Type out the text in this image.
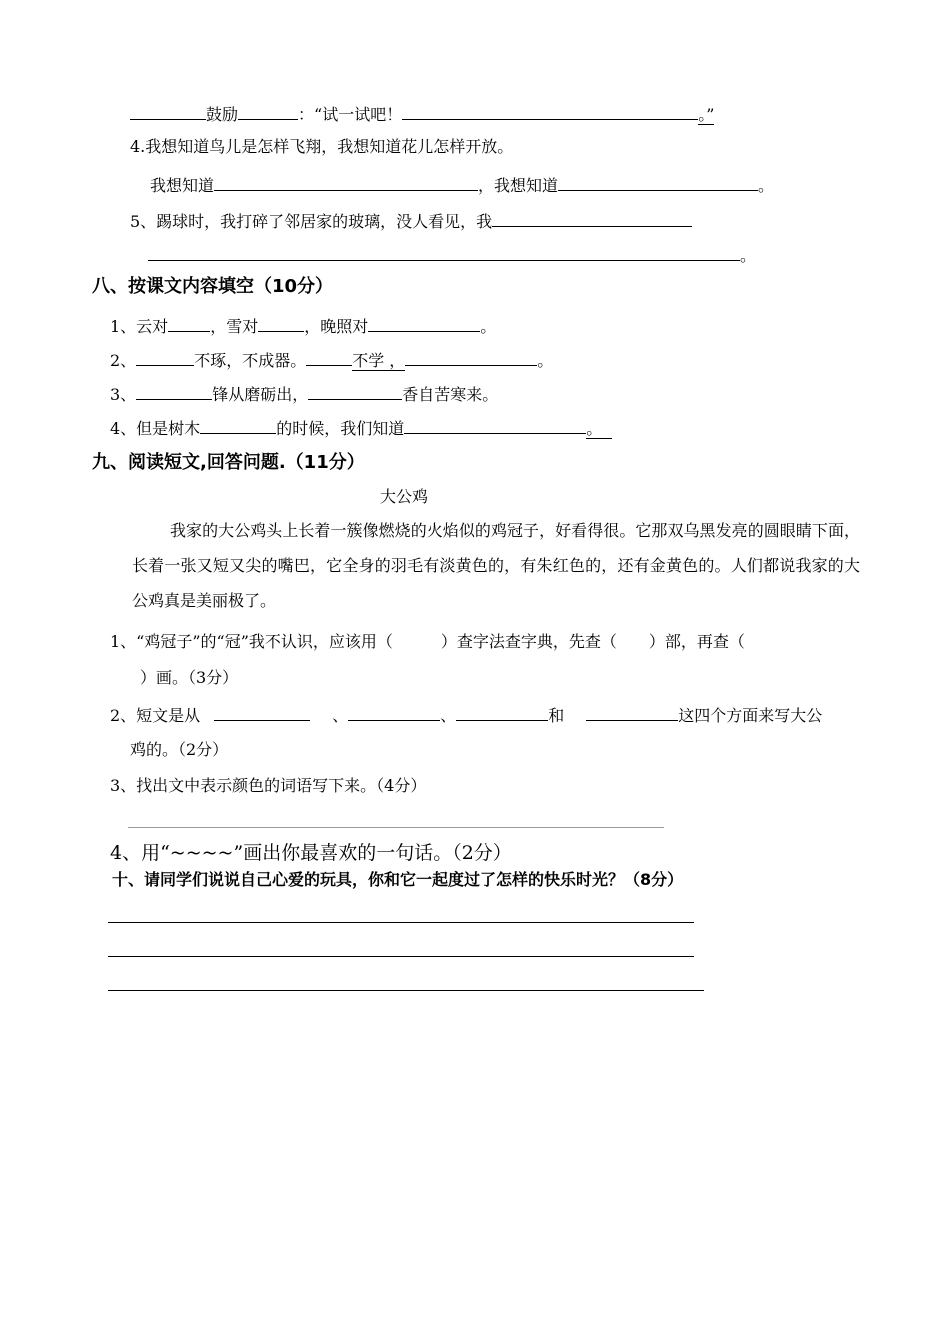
鼓励	：“试一试吧！	。”
4.我想知道鸟儿是怎样飞翔，我想知道花儿怎样开放。
我想知道	，我想知道	。
5、踢球时，我打碎了邻居家的玻璃，没人看见，我
。
八、按课文内容填空（10分）
1、云对	，雪对	，晚照对	。
2、	不琢，不成器。	不学 ，	。
3、	锋从磨砺出，	香自苦寒来。
4、但是树木	的时候，我们知道	。
九、阅读短文,回答问题.（11分）
大公鸡
我家的大公鸡头上长着一簇像燃烧的火焰似的鸡冠子，好看得很。它那双乌黑发亮的圆眼睛下面，长着一张又短又尖的嘴巴，它全身的羽毛有淡黄色的，有朱红色的，还有金黄色的。人们都说我家的大公鸡真是美丽极了。
1、“鸡冠子”的“冠”我不认识，应该用（　　　）查字法查字典，先查（　　）部，再查（
）画。（3分）
2、短文是从	、	、	和	这四个方面来写大公
鸡的。（2分）
3、找出文中表示颜色的词语写下来。（4分）
4、用“~~~~”画出你最喜欢的一句话。（2分）
十、请同学们说说自己心爱的玩具，你和它一起度过了怎样的快乐时光？（8分）
